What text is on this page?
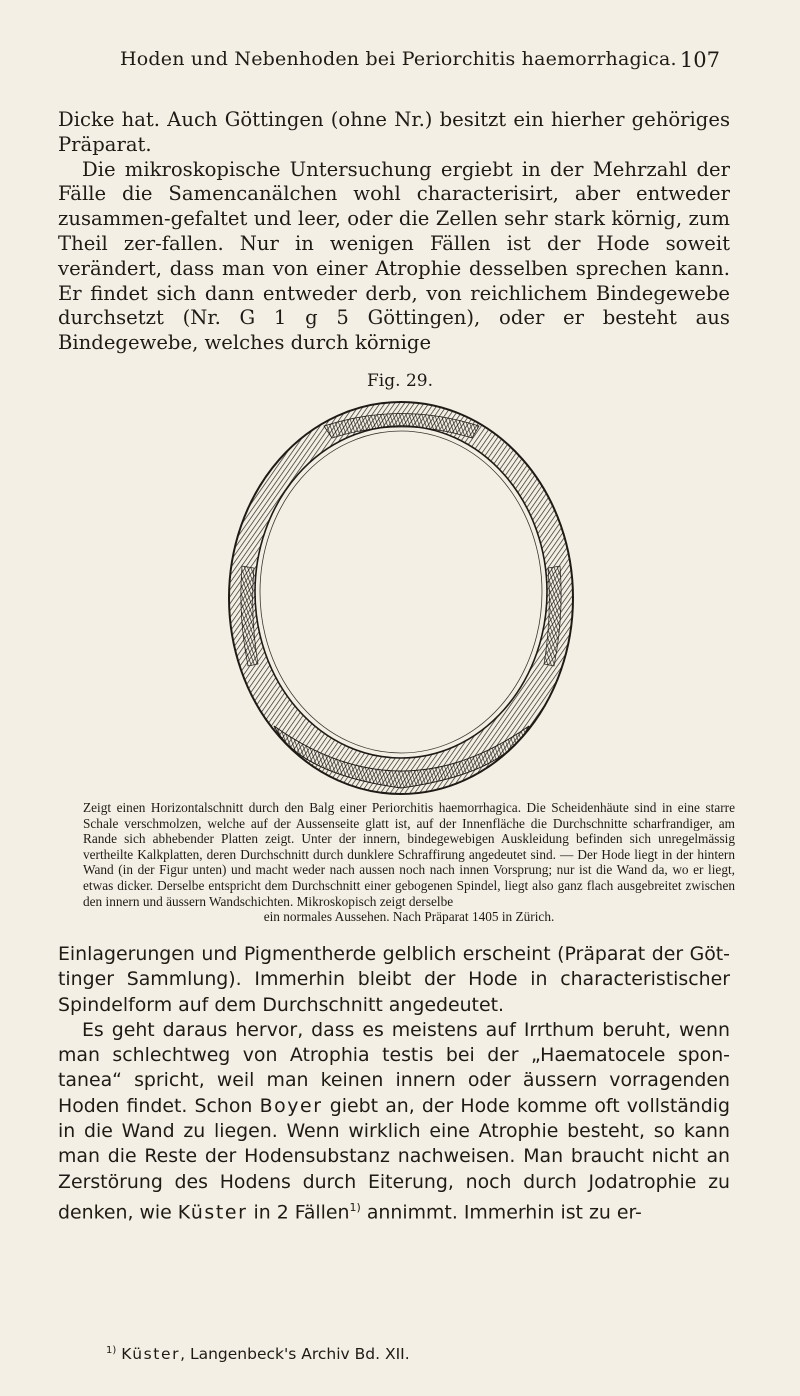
Hoden und Nebenhoden bei Periorchitis haemorrhagica. 107

Dicke hat. Auch Göttingen (ohne Nr.) besitzt ein hierher gehöriges Präparat.

Die mikroskopische Untersuchung ergiebt in der Mehrzahl der Fälle die Samencanälchen wohl characterisirt, aber entweder zusammen-gefaltet und leer, oder die Zellen sehr stark körnig, zum Theil zer-fallen. Nur in wenigen Fällen ist der Hode soweit verändert, dass man von einer Atrophie desselben sprechen kann. Er findet sich dann entweder derb, von reichlichem Bindegewebe durchsetzt (Nr. G 1 g 5 Göttingen), oder er besteht aus Bindegewebe, welches durch körnige

Fig. 29.
Zeigt einen Horizontalschnitt durch den Balg einer Periorchitis haemorrhagica. Die Scheidenhäute sind in eine starre Schale verschmolzen, welche auf der Aussenseite glatt ist, auf der Innenfläche die Durchschnitte scharfrandiger, am Rande sich abhebender Platten zeigt. Unter der innern, bindegewebigen Auskleidung befinden sich unregelmässig vertheilte Kalkplatten, deren Durchschnitt durch dunklere Schraffirung angedeutet sind. — Der Hode liegt in der hintern Wand (in der Figur unten) und macht weder nach aussen noch nach innen Vorsprung; nur ist die Wand da, wo er liegt, etwas dicker. Derselbe entspricht dem Durchschnitt einer gebogenen Spindel, liegt also ganz flach ausgebreitet zwischen den innern und äussern Wandschichten. Mikroskopisch zeigt derselbe
ein normales Aussehen. Nach Präparat 1405 in Zürich.

Einlagerungen und Pigmentherde gelblich erscheint (Präparat der Göt-tinger Sammlung). Immerhin bleibt der Hode in characteristischer Spindelform auf dem Durchschnitt angedeutet.

Es geht daraus hervor, dass es meistens auf Irrthum beruht, wenn man schlechtweg von Atrophia testis bei der „Haematocele spon-tanea“ spricht, weil man keinen innern oder äussern vorragenden Hoden findet. Schon Boyer giebt an, der Hode komme oft vollständig in die Wand zu liegen. Wenn wirklich eine Atrophie besteht, so kann man die Reste der Hodensubstanz nachweisen. Man braucht nicht an Zerstörung des Hodens durch Eiterung, noch durch Jodatrophie zu denken, wie Küster in 2 Fällen$^{1)}$ annimmt. Immerhin ist zu er-

$^{1)}$ Küster, Langenbeck's Archiv Bd. XII.
